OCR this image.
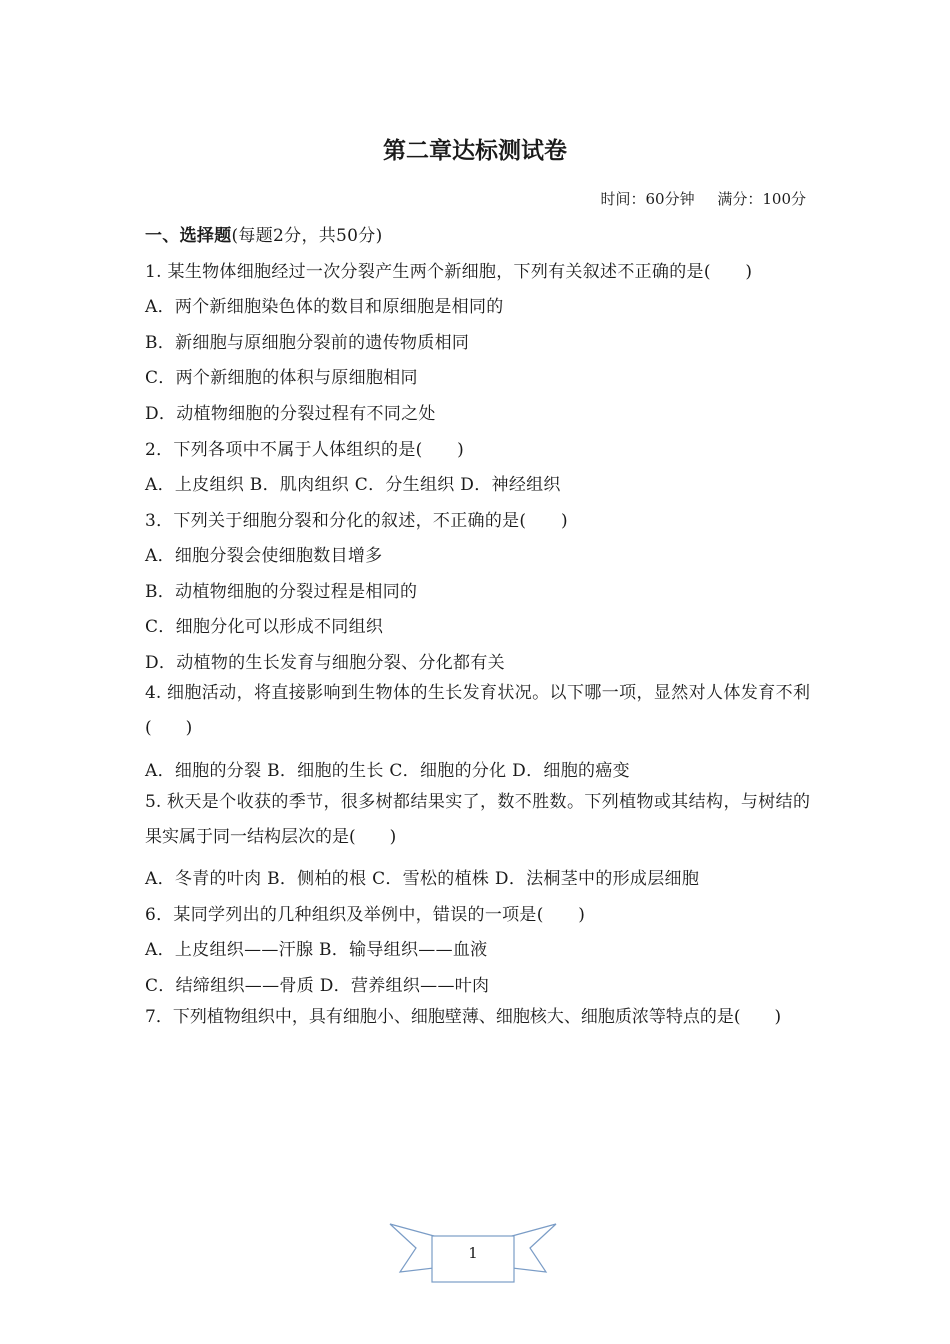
第二章达标测试卷
时间：60分钟 满分：100分
一、选择题(每题2分，共50分)
1. 某生物体细胞经过一次分裂产生两个新细胞，下列有关叙述不正确的是(　　)
A．两个新细胞染色体的数目和原细胞是相同的
B．新细胞与原细胞分裂前的遗传物质相同
C．两个新细胞的体积与原细胞相同
D．动植物细胞的分裂过程有不同之处
2．下列各项中不属于人体组织的是(　　)
A．上皮组织 B．肌肉组织 C．分生组织 D．神经组织
3．下列关于细胞分裂和分化的叙述，不正确的是(　　)
A．细胞分裂会使细胞数目增多
B．动植物细胞的分裂过程是相同的
C．细胞分化可以形成不同组织
D．动植物的生长发育与细胞分裂、分化都有关
4. 细胞活动，将直接影响到生物体的生长发育状况。以下哪一项，显然对人体发育不利(　　)
A．细胞的分裂 B．细胞的生长 C．细胞的分化 D．细胞的癌变
5. 秋天是个收获的季节，很多树都结果实了，数不胜数。下列植物或其结构，与树结的果实属于同一结构层次的是(　　)
A．冬青的叶肉 B．侧柏的根 C．雪松的植株 D．法桐茎中的形成层细胞
6．某同学列出的几种组织及举例中，错误的一项是(　　)
A．上皮组织——汗腺 B．输导组织——血液
C．结缔组织——骨质 D．营养组织——叶肉
7．下列植物组织中，具有细胞小、细胞壁薄、细胞核大、细胞质浓等特点的是(　　)
1
